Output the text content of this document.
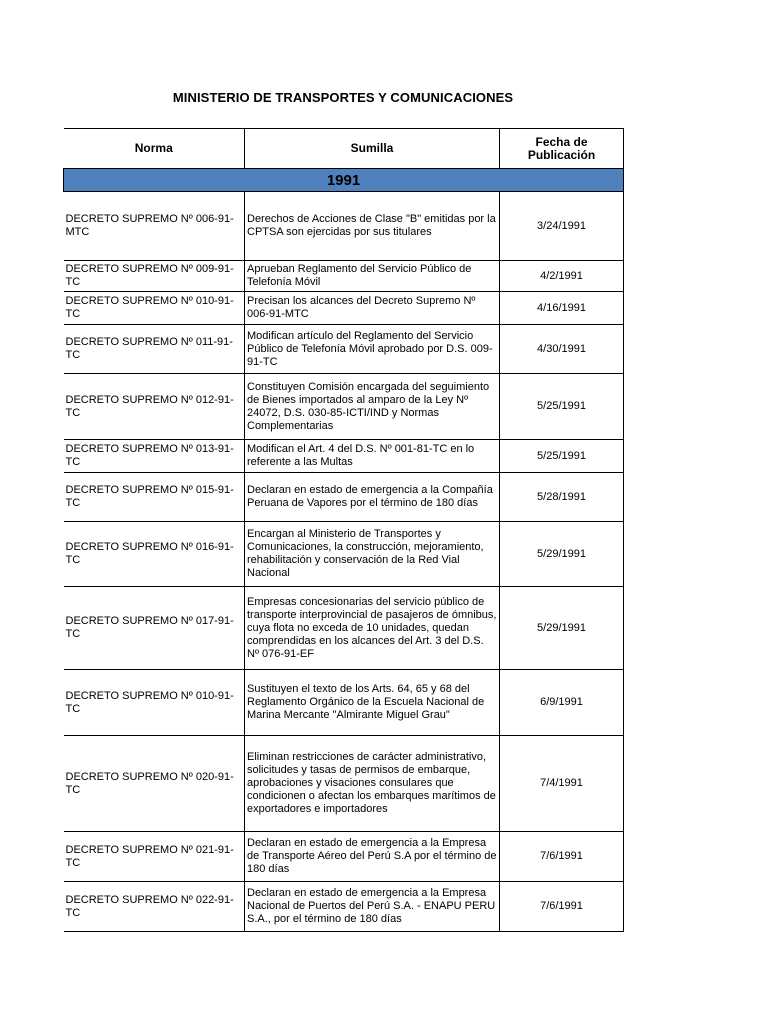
MINISTERIO DE TRANSPORTES Y COMUNICACIONES
Norma	Sumilla	Fecha de Publicación
1991		
DECRETO SUPREMO Nº 006-91-MTC	Derechos de Acciones de Clase "B" emitidas por la CPTSA son ejercidas por sus titulares	3/24/1991
DECRETO SUPREMO Nº 009-91-TC	Aprueban Reglamento del Servicio Público de Telefonía Móvil	4/2/1991
DECRETO SUPREMO Nº 010-91-TC	Precisan los alcances del Decreto Supremo Nº 006-91-MTC	4/16/1991
DECRETO SUPREMO Nº 011-91-TC	Modifican artículo del Reglamento del Servicio Público de Telefonía Móvil aprobado por D.S. 009-91-TC	4/30/1991
DECRETO SUPREMO Nº 012-91-TC	Constituyen Comisión encargada del seguimiento de Bienes importados al amparo de la Ley Nº 24072, D.S. 030-85-ICTI/IND y Normas Complementarias	5/25/1991
DECRETO SUPREMO Nº 013-91-TC	Modifican el Art. 4 del D.S. Nº 001-81-TC en lo referente a las Multas	5/25/1991
DECRETO SUPREMO Nº 015-91-TC	Declaran en estado de emergencia a la Compañía Peruana de Vapores por el término de 180 días	5/28/1991
DECRETO SUPREMO Nº 016-91-TC	Encargan al Ministerio de Transportes y Comunicaciones, la construcción, mejoramiento, rehabilitación y conservación de la Red Vial Nacional	5/29/1991
DECRETO SUPREMO Nº 017-91-TC	Empresas concesionarias del servicio público de transporte interprovincial de pasajeros de ómnibus, cuya flota no exceda de 10 unidades, quedan comprendidas en los alcances del Art. 3 del D.S. Nº 076-91-EF	5/29/1991
DECRETO SUPREMO Nº 010-91-TC	Sustituyen el texto de los Arts. 64, 65 y 68 del Reglamento Orgánico de la Escuela Nacional de Marina Mercante "Almirante Miguel Grau"	6/9/1991
DECRETO SUPREMO Nº 020-91-TC	Eliminan restricciones de carácter administrativo, solicitudes y tasas de permisos de embarque, aprobaciones y visaciones consulares que condicionen o afectan los embarques marítimos de exportadores e importadores	7/4/1991
DECRETO SUPREMO Nº 021-91-TC	Declaran en estado de emergencia a la Empresa de Transporte Aéreo del Perú S.A por el término de 180 días	7/6/1991
DECRETO SUPREMO Nº 022-91-TC	Declaran en estado de emergencia a la Empresa Nacional de Puertos del Perú S.A. - ENAPU PERU S.A., por el término de 180 días	7/6/1991
